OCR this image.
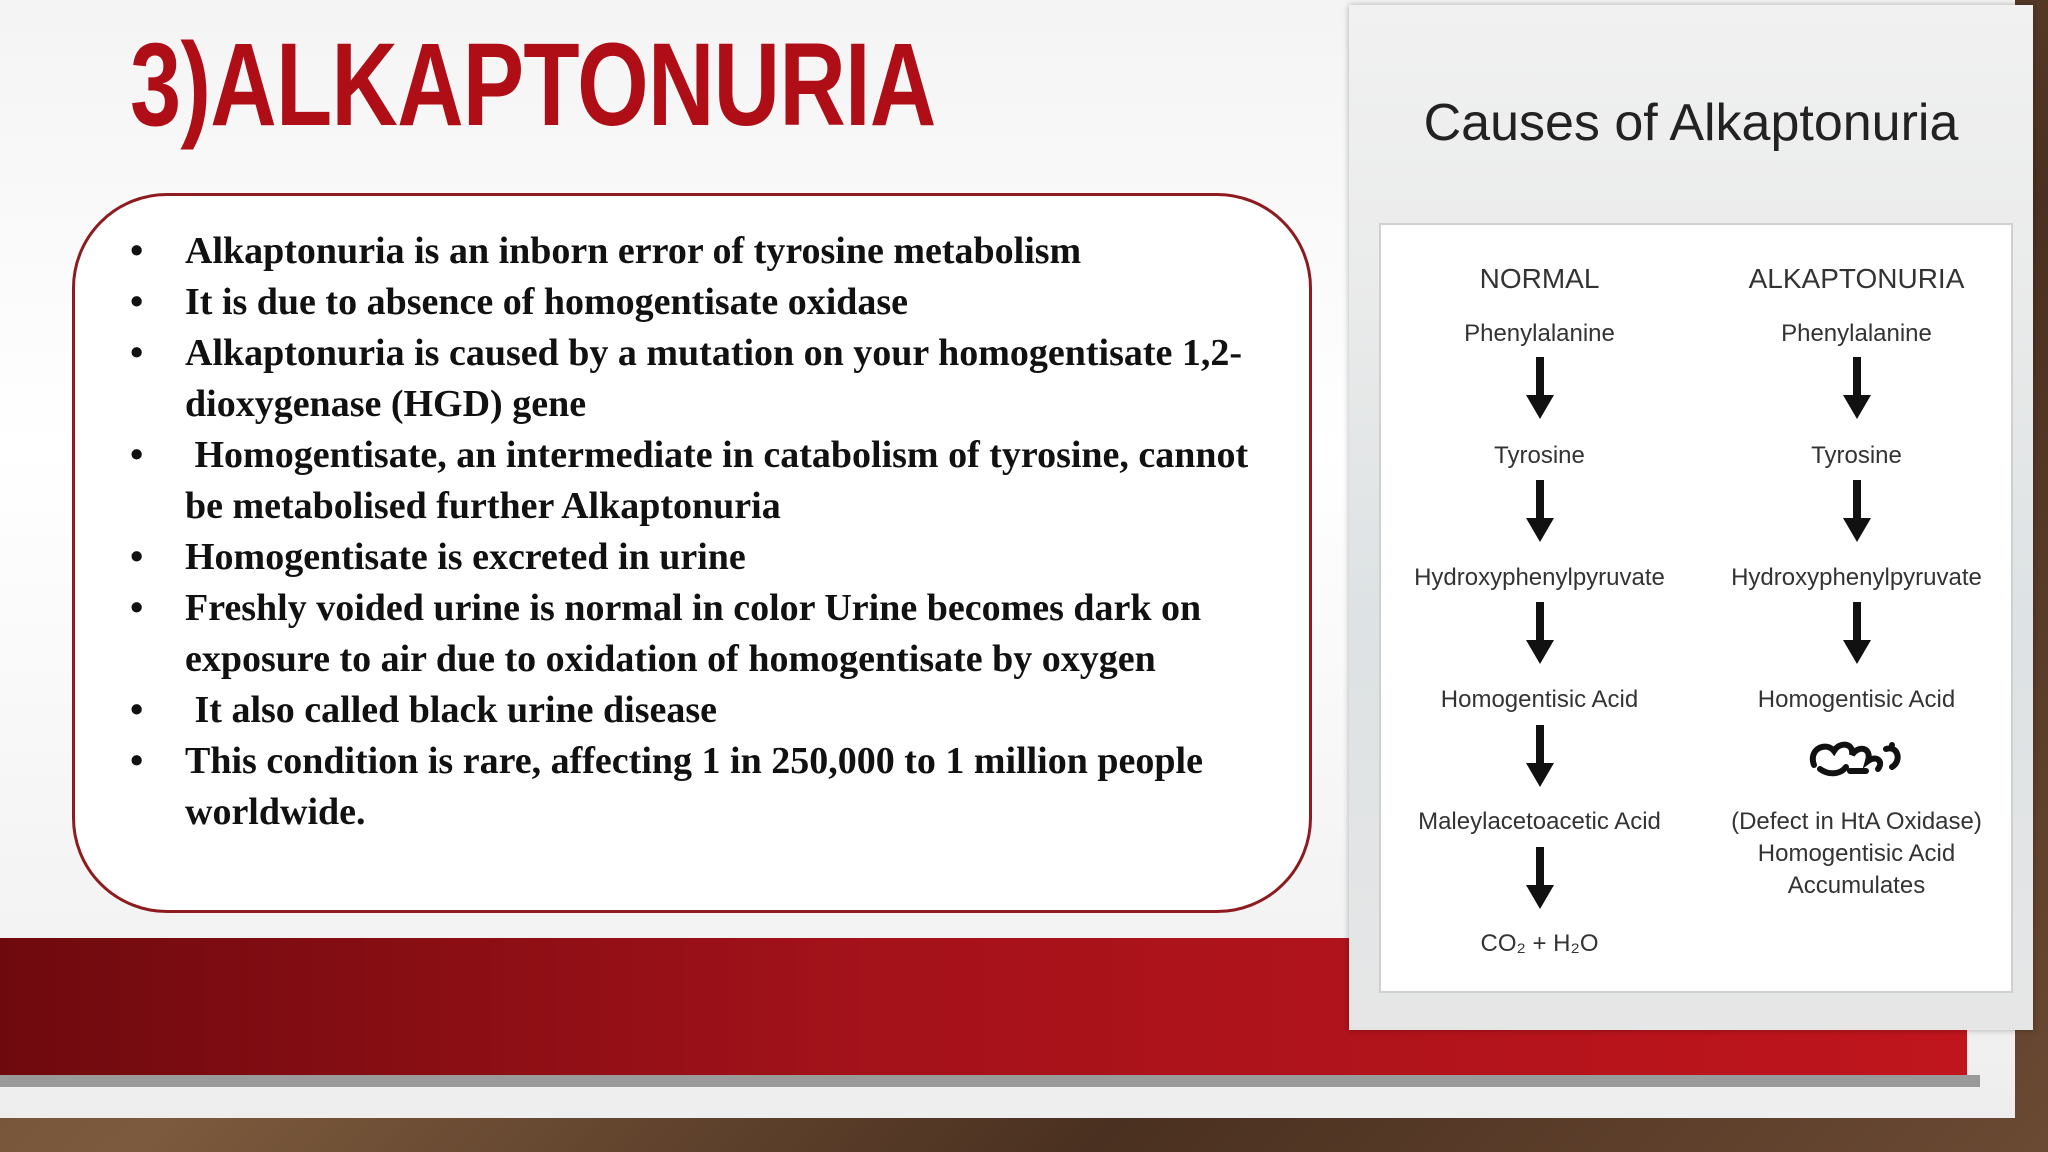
3)ALKAPTONURIA
• Alkaptonuria is an inborn error of tyrosine metabolism
• It is due to absence of homogentisate oxidase
• Alkaptonuria is caused by a mutation on your homogentisate 1,2-dioxygenase (HGD) gene
• Homogentisate, an intermediate in catabolism of tyrosine, cannot be metabolised further Alkaptonuria
• Homogentisate is excreted in urine
• Freshly voided urine is normal in color Urine becomes dark on exposure to air due to oxidation of homogentisate by oxygen
• It also called black urine disease
• This condition is rare, affecting 1 in 250,000 to 1 million people worldwide.
Causes of Alkaptonuria
NORMAL
Phenylalanine
Tyrosine
Hydroxyphenylpyruvate
Homogentisic Acid
Maleylacetoacetic Acid
CO₂ + H₂O
ALKAPTONURIA
Phenylalanine
Tyrosine
Hydroxyphenylpyruvate
Homogentisic Acid
(Defect in HtA Oxidase)
Homogentisic Acid
Accumulates
